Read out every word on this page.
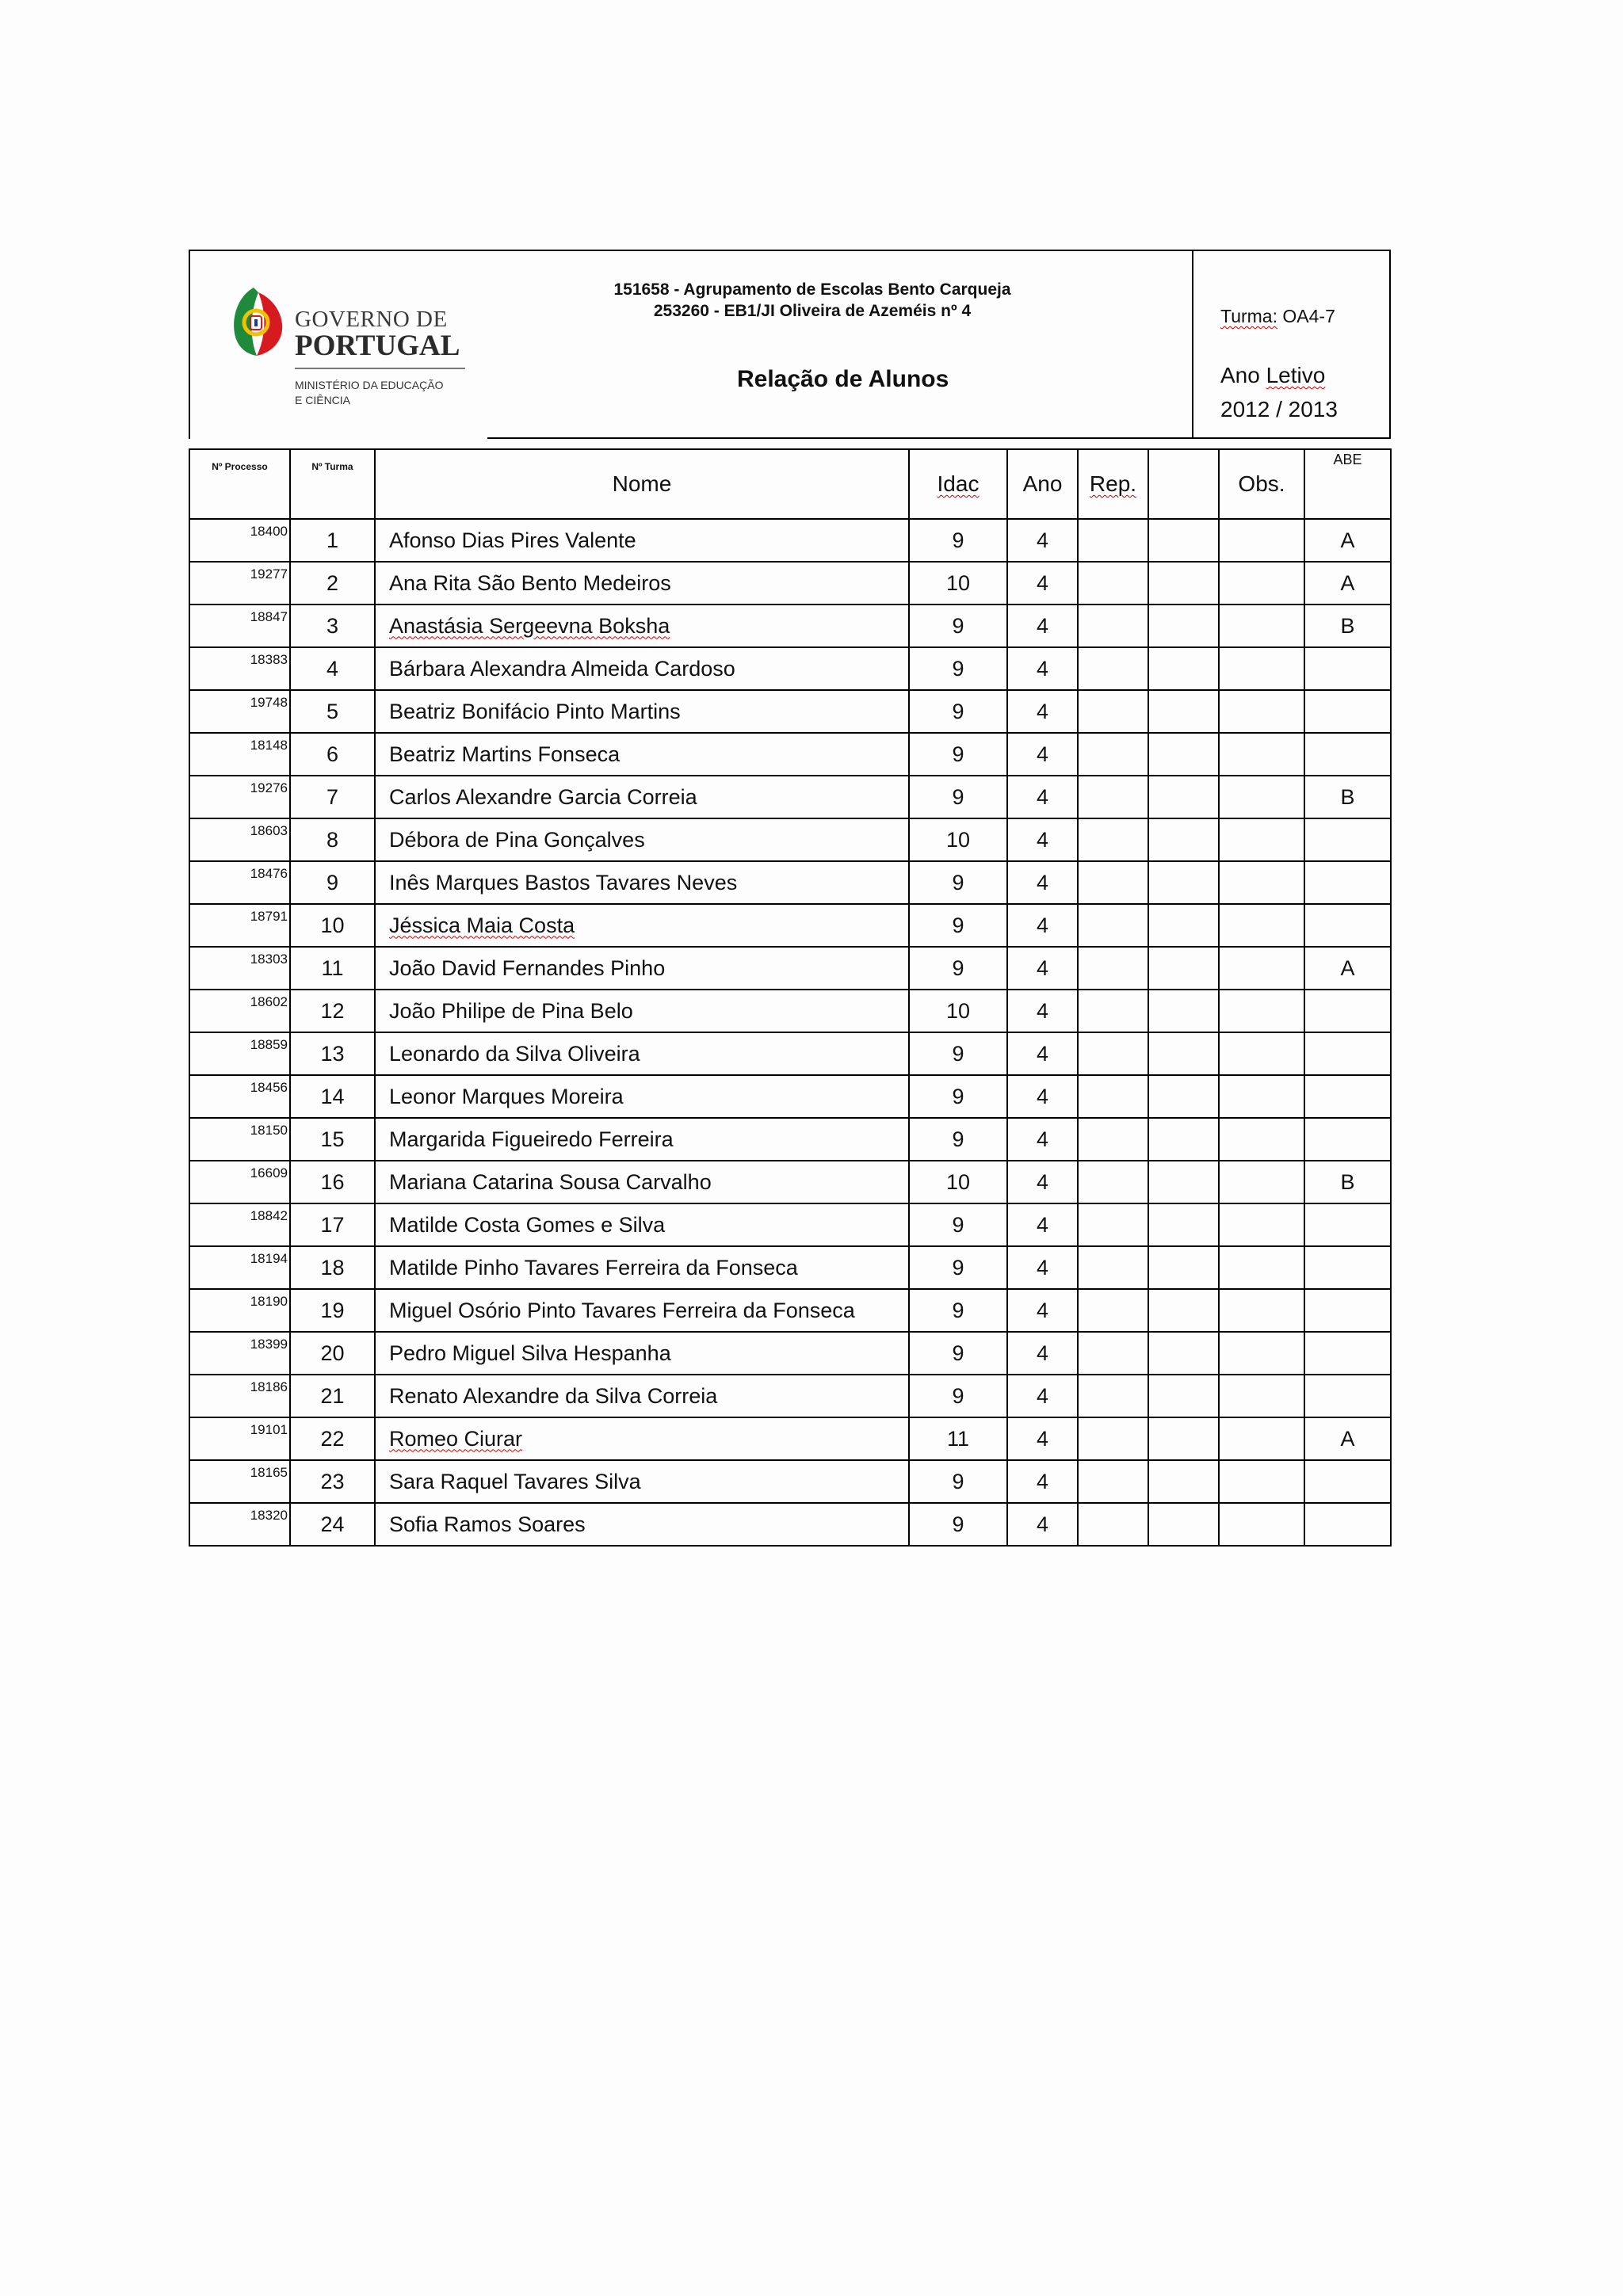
GOVERNO DE
PORTUGAL
MINISTÉRIO DA EDUCAÇÃO
E CIÊNCIA
151658 - Agrupamento de Escolas Bento Carqueja
253260 - EB1/JI Oliveira de Azeméis nº 4
Relação de Alunos
Turma: OA4-7
Ano Letivo
2012 / 2013
Nº Processo	Nº Turma	Nome	Idac	Ano	Rep.		Obs.	ABE
18400	1	Afonso Dias Pires Valente	9	4				A
19277	2	Ana Rita São Bento Medeiros	10	4				A
18847	3	Anastásia Sergeevna Boksha	9	4				B
18383	4	Bárbara Alexandra Almeida Cardoso	9	4				
19748	5	Beatriz Bonifácio Pinto Martins	9	4				
18148	6	Beatriz Martins Fonseca	9	4				
19276	7	Carlos Alexandre Garcia Correia	9	4				B
18603	8	Débora de Pina Gonçalves	10	4				
18476	9	Inês Marques Bastos Tavares Neves	9	4				
18791	10	Jéssica Maia Costa	9	4				
18303	11	João David Fernandes Pinho	9	4				A
18602	12	João Philipe de Pina Belo	10	4				
18859	13	Leonardo da Silva Oliveira	9	4				
18456	14	Leonor Marques Moreira	9	4				
18150	15	Margarida Figueiredo Ferreira	9	4				
16609	16	Mariana Catarina Sousa Carvalho	10	4				B
18842	17	Matilde Costa Gomes e Silva	9	4				
18194	18	Matilde Pinho Tavares Ferreira da Fonseca	9	4				
18190	19	Miguel Osório Pinto Tavares Ferreira da Fonseca	9	4				
18399	20	Pedro Miguel Silva Hespanha	9	4				
18186	21	Renato Alexandre da Silva Correia	9	4				
19101	22	Romeo Ciurar	11	4				A
18165	23	Sara Raquel Tavares Silva	9	4				
18320	24	Sofia Ramos Soares	9	4				
